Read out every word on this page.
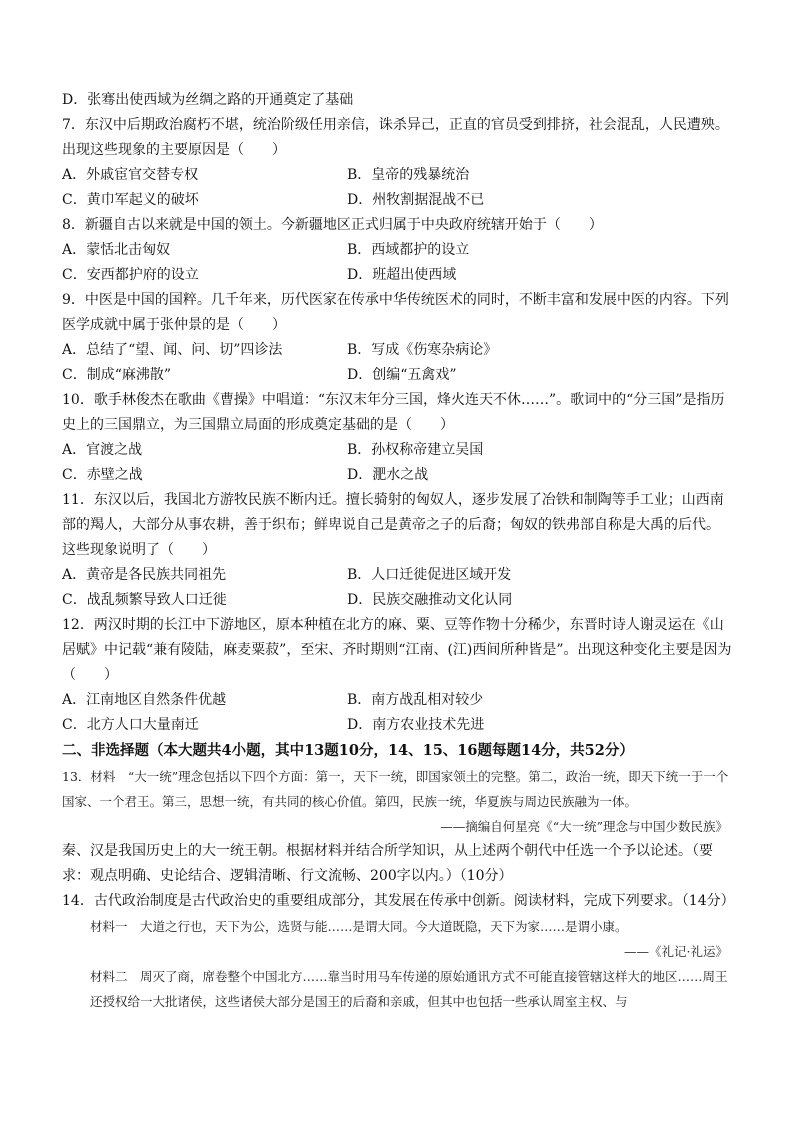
D．张骞出使西域为丝绸之路的开通奠定了基础
7．东汉中后期政治腐朽不堪，统治阶级任用亲信，诛杀异己，正直的官员受到排挤，社会混乱，人民遭殃。出现这些现象的主要原因是（　　）
A．外戚宦官交替专权	B．皇帝的残暴统治
C．黄巾军起义的破坏	D．州牧割据混战不已
8．新疆自古以来就是中国的领土。今新疆地区正式归属于中央政府统辖开始于（　　）
A．蒙恬北击匈奴	B．西域都护的设立
C．安西都护府的设立	D．班超出使西域
9．中医是中国的国粹。几千年来，历代医家在传承中华传统医术的同时，不断丰富和发展中医的内容。下列医学成就中属于张仲景的是（　　）
A．总结了“望、闻、问、切”四诊法	B．写成《伤寒杂病论》
C．制成“麻沸散”	D．创编“五禽戏”
10．歌手林俊杰在歌曲《曹操》中唱道：“东汉末年分三国，烽火连天不休……”。歌词中的“分三国”是指历史上的三国鼎立，为三国鼎立局面的形成奠定基础的是（　　）
A．官渡之战	B．孙权称帝建立吴国
C．赤壁之战	D．淝水之战
11．东汉以后，我国北方游牧民族不断内迁。擅长骑射的匈奴人，逐步发展了冶铁和制陶等手工业；山西南部的羯人，大部分从事农耕，善于织布；鲜卑说自己是黄帝之子的后裔；匈奴的铁弗部自称是大禹的后代。这些现象说明了（　　）
A．黄帝是各民族共同祖先	B．人口迁徙促进区域开发
C．战乱频繁导致人口迁徙	D．民族交融推动文化认同
12．两汉时期的长江中下游地区，原本种植在北方的麻、粟、豆等作物十分稀少，东晋时诗人谢灵运在《山居赋》中记载“兼有陵陆，麻麦粟菽”，至宋、齐时期则“江南、(江)西间所种皆是”。出现这种变化主要是因为（　　）
A．江南地区自然条件优越	B．南方战乱相对较少
C．北方人口大量南迁	D．南方农业技术先进
二、非选择题（本大题共4小题，其中13题10分，14、15、16题每题14分，共52分）
13．材料　“大一统”理念包括以下四个方面：第一，天下一统，即国家领土的完整。第二，政治一统，即天下统一于一个国家、一个君王。第三，思想一统，有共同的核心价值。第四，民族一统，华夏族与周边民族融为一体。
——摘编自何星亮《“大一统”理念与中国少数民族》
秦、汉是我国历史上的大一统王朝。根据材料并结合所学知识，从上述两个朝代中任选一个予以论述。（要求：观点明确、史论结合、逻辑清晰、行文流畅、200字以内。）（10分）
14．古代政治制度是古代政治史的重要组成部分，其发展在传承中创新。阅读材料，完成下列要求。（14分）
材料一　大道之行也，天下为公，选贤与能……是谓大同。今大道既隐，天下为家……是谓小康。
——《礼记·礼运》
材料二　周灭了商，席卷整个中国北方……靠当时用马车传递的原始通讯方式不可能直接管辖这样大的地区……周王还授权给一大批诸侯，这些诸侯大部分是国王的后裔和亲戚，但其中也包括一些承认周室主权、与
